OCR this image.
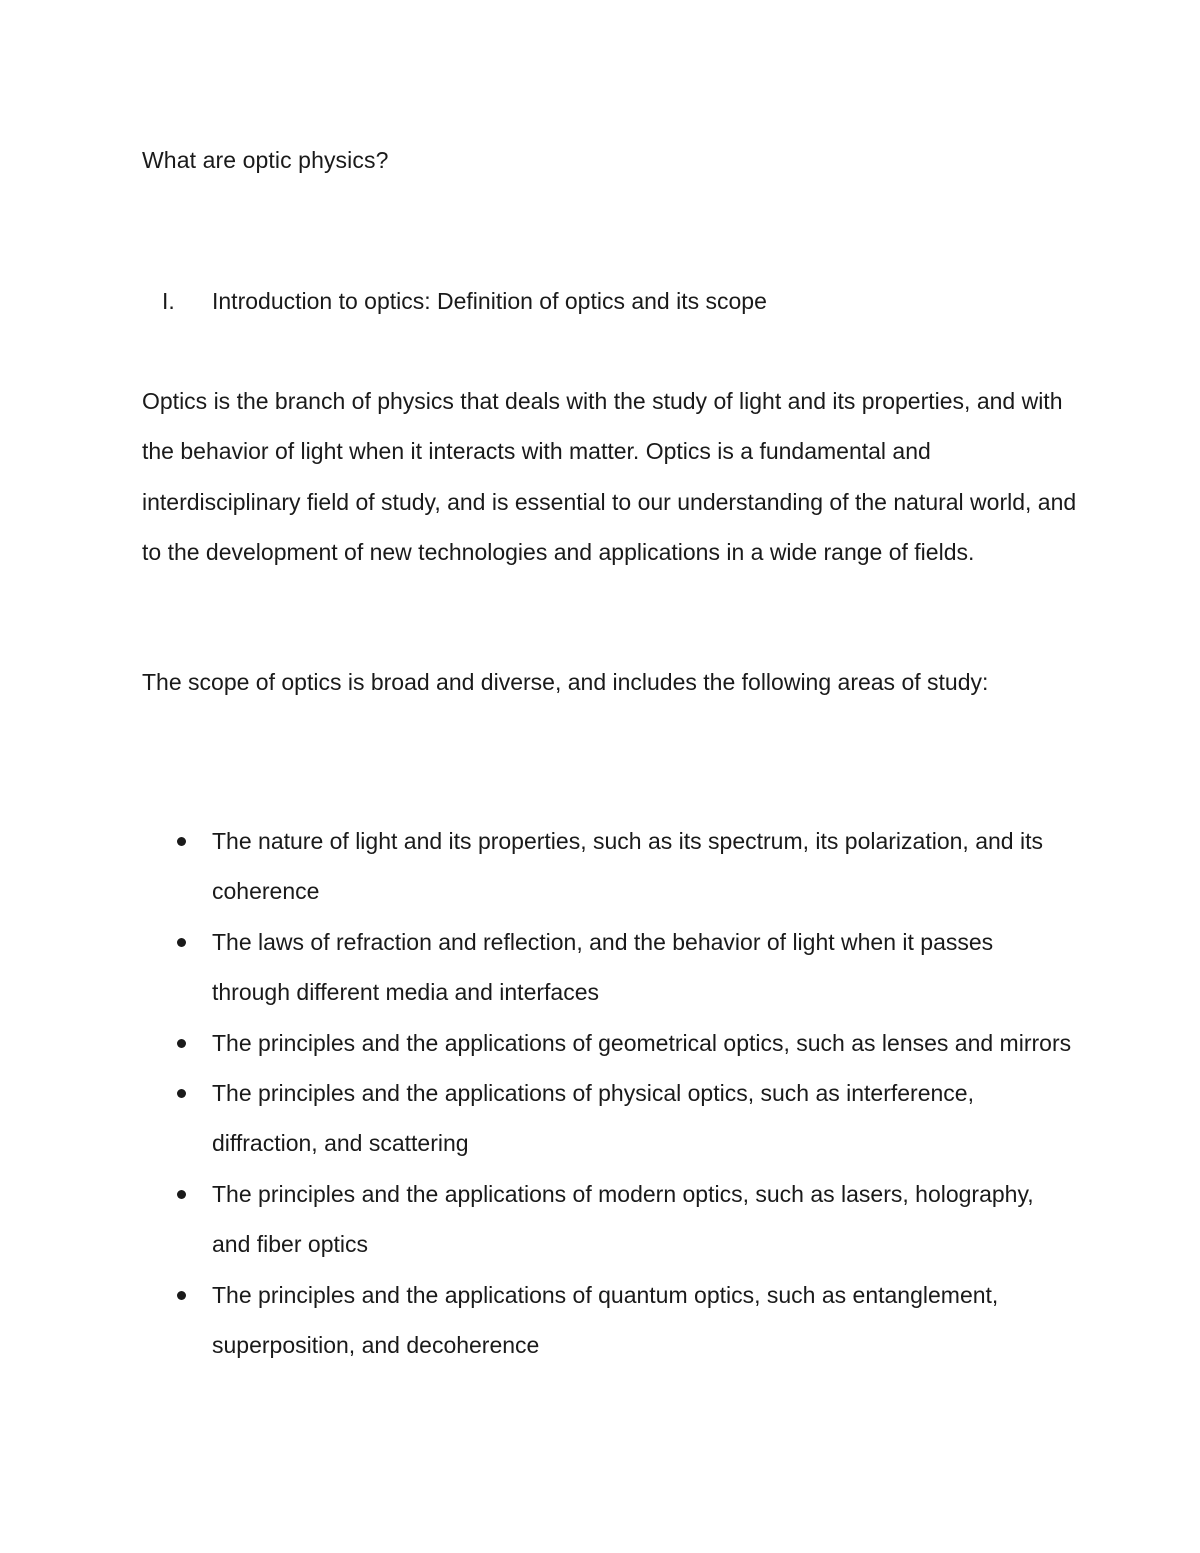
What are optic physics?
I.	Introduction to optics: Definition of optics and its scope

Optics is the branch of physics that deals with the study of light and its properties, and with the behavior of light when it interacts with matter. Optics is a fundamental and interdisciplinary field of study, and is essential to our understanding of the natural world, and to the development of new technologies and applications in a wide range of fields.

The scope of optics is broad and diverse, and includes the following areas of study:

The nature of light and its properties, such as its spectrum, its polarization, and its coherence
The laws of refraction and reflection, and the behavior of light when it passes through different media and interfaces
The principles and the applications of geometrical optics, such as lenses and mirrors
The principles and the applications of physical optics, such as interference, diffraction, and scattering
The principles and the applications of modern optics, such as lasers, holography, and fiber optics
The principles and the applications of quantum optics, such as entanglement, superposition, and decoherence
